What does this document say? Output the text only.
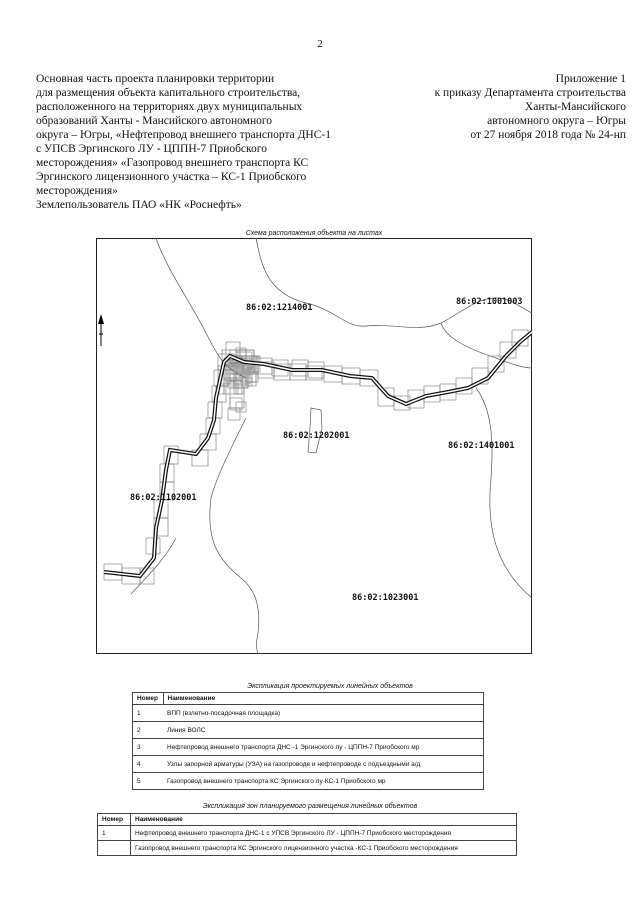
2
Основная часть проекта планировки территории
для размещения объекта капитального строительства,
расположенного на территориях двух муниципальных
образований Ханты - Мансийского автономного
округа – Югры, «Нефтепровод внешнего транспорта ДНС-1
с УПСВ Эргинского ЛУ - ЦППН-7 Приобского
месторождения» «Газопровод внешнего транспорта КС
Эргинского лицензионного участка – КС-1 Приобского
месторождения»
Землепользователь ПАО «НК «Роснефть»
Приложение 1
к приказу Департамента строительства
Ханты-Мансийского
автономного округа – Югры
от 27 ноября 2018 года № 24-нп
Схема расположения объекта на листах
86:02:1214001
86:02:1001003
86:02:1202001
86:02:1401001
86:02:1102001
86:02:1023001
Экспликация проектируемых линейных объектов
Номер	Наименование
1	ВПП (взлетно-посадочная площадка)
2	Линия ВОЛС
3	Нефтепровод внешнего транспорта ДНС -1 Эргинского лу - ЦППН-7 Приобского мр
4	Узлы запорной арматуры (УЗА) на газопроводе и нефтепроводе с подъездными а/д
5	Газопровод внешнего транспорта КС Эргинского лу-КС-1 Приобского мр
Экспликация зон планируемого размещения линейных объектов
Номер	Наименование
1	Нефтепровод внешнего транспорта ДНС-1 с УПСВ Эргинского ЛУ - ЦППН-7 Приобского месторождения
	Газопровод внешнего транспорта КС Эргинского лицензионного участка -КС-1 Приобского месторождения
